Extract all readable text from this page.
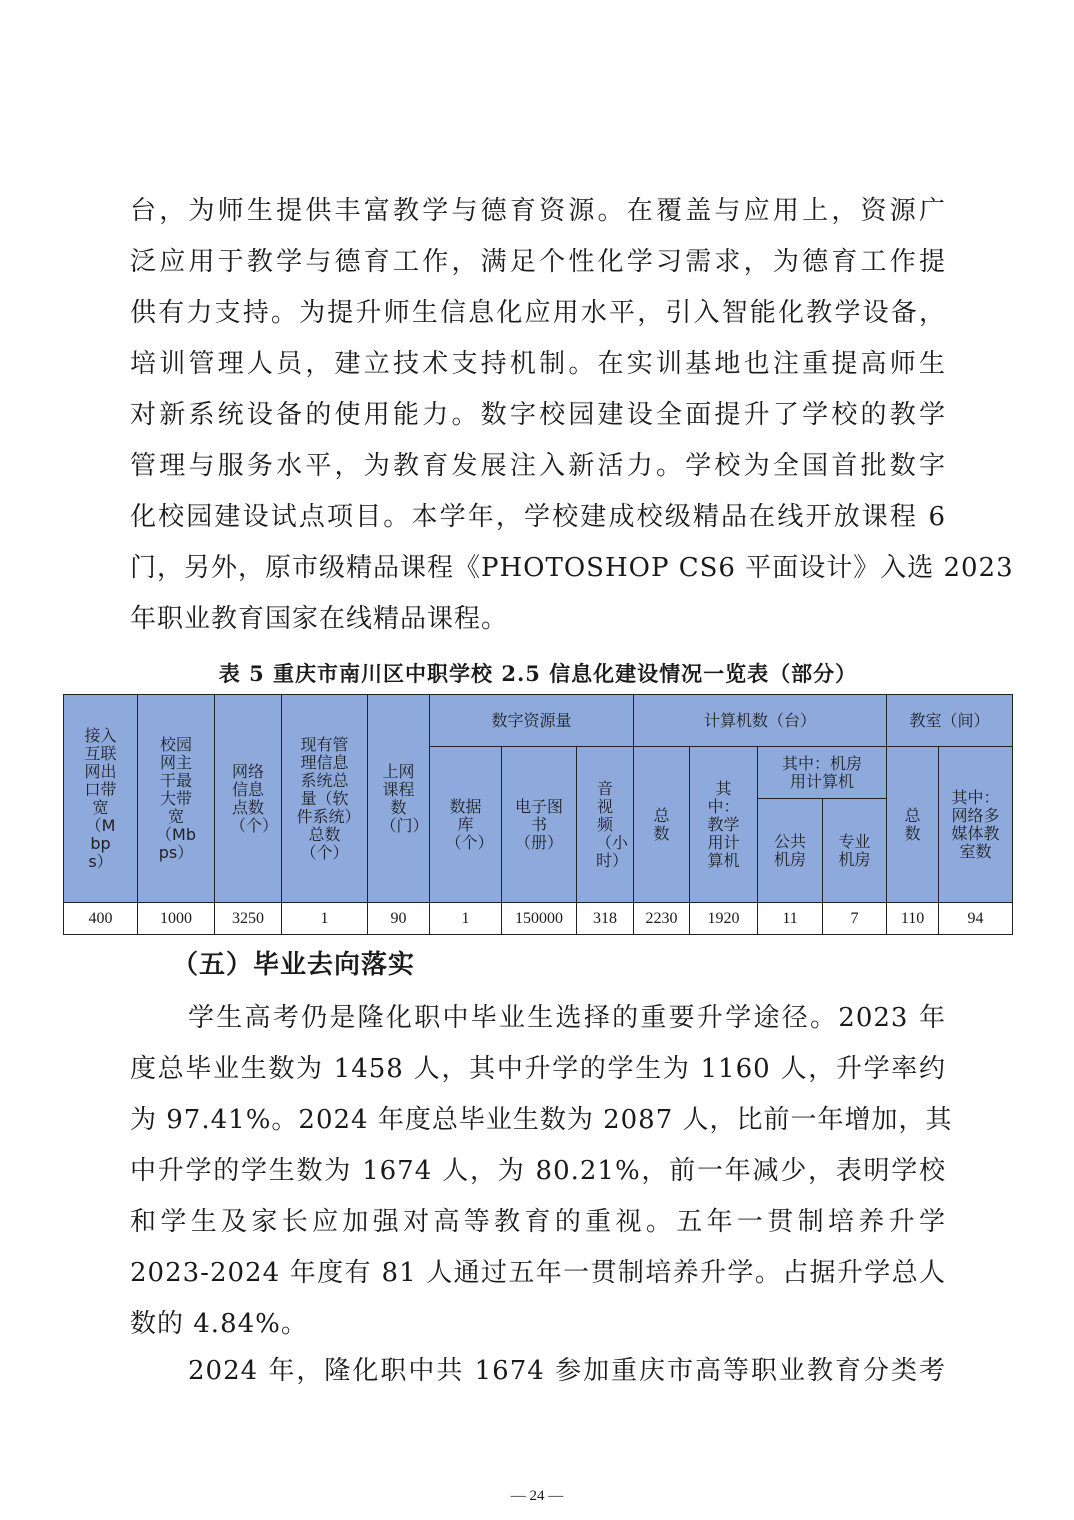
台，为师生提供丰富教学与德育资源。在覆盖与应用上，资源广
泛应用于教学与德育工作，满足个性化学习需求，为德育工作提
供有力支持。为提升师生信息化应用水平，引入智能化教学设备，
培训管理人员，建立技术支持机制。在实训基地也注重提高师生
对新系统设备的使用能力。数字校园建设全面提升了学校的教学
管理与服务水平，为教育发展注入新活力。学校为全国首批数字
化校园建设试点项目。本学年，学校建成校级精品在线开放课程 6
门，另外，原市级精品课程《PHOTOSHOP CS6 平面设计》入选 2023
年职业教育国家在线精品课程。
表 5 重庆市南川区中职学校 2.5 信息化建设情况一览表（部分）
接入互联网出口带宽（Mbps）	校园网主干最大带宽（Mbps）	网络信息点数（个）	现有管理信息系统总量（软件系统）总数（个）	上网课程数（门）	数字资源量			计算机数（台）				教室（间）	
					数据库（个）	电子图书（册）	音视频（小时）	总数	其中：教学用计算机	其中：机房用计算机		总数	其中：网络多媒体教室数
										公共机房	专业机房		
400	1000	3250	1	90	1	150000	318	2230	1920	11	7	110	94
（五）毕业去向落实
学生高考仍是隆化职中毕业生选择的重要升学途径。2023 年
度总毕业生数为 1458 人，其中升学的学生为 1160 人，升学率约
为 97.41%。2024 年度总毕业生数为 2087 人，比前一年增加，其
中升学的学生数为 1674 人，为 80.21%，前一年减少，表明学校
和学生及家长应加强对高等教育的重视。五年一贯制培养升学
2023-2024 年度有 81 人通过五年一贯制培养升学。占据升学总人
数的 4.84%。
2024 年，隆化职中共 1674 参加重庆市高等职业教育分类考
— 24 —
